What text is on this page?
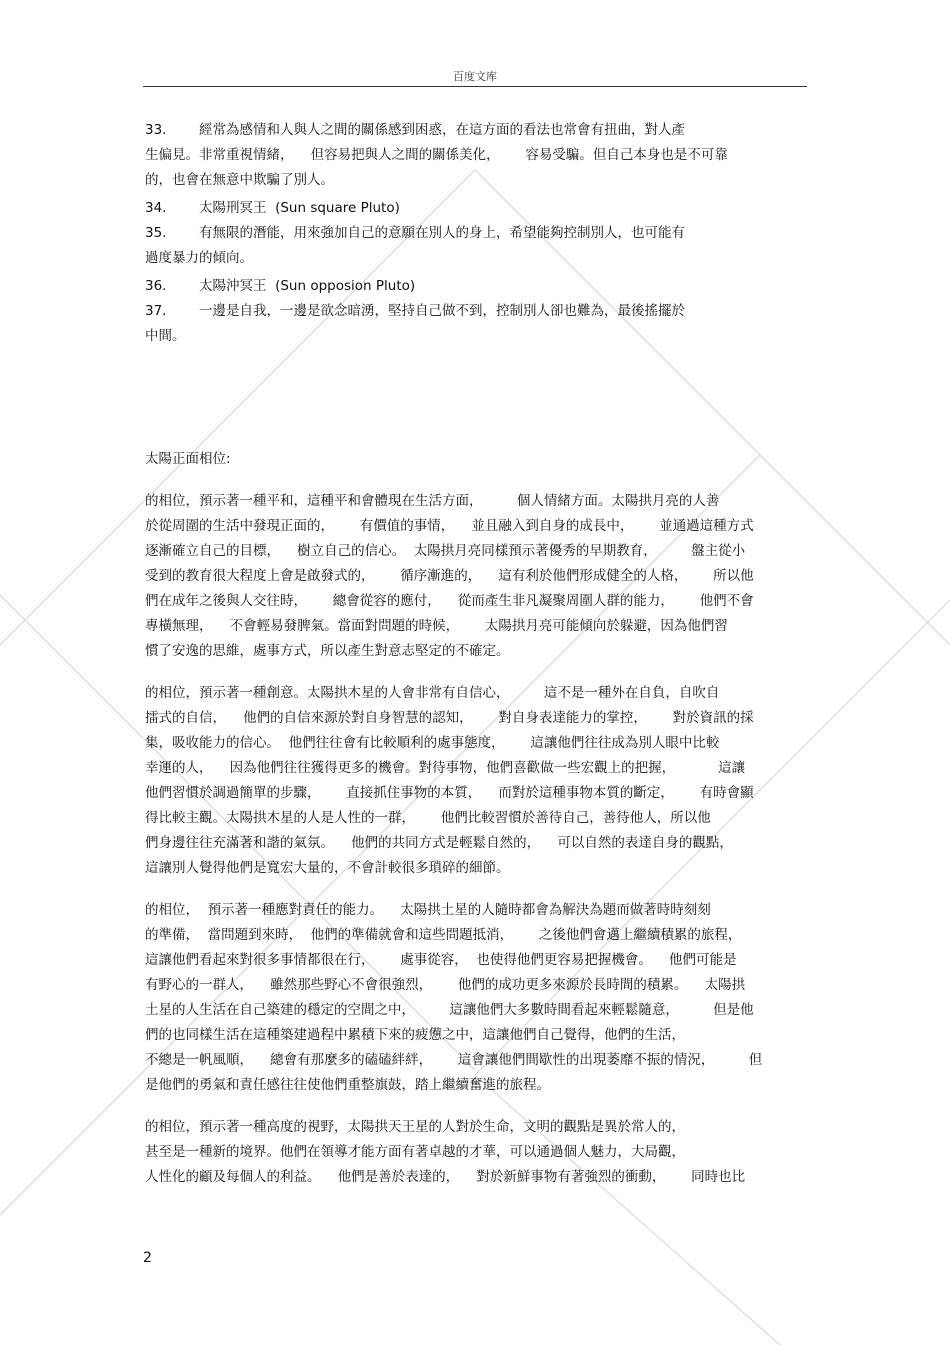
百度文库

33. 經常為感情和人與人之間的關係感到困惑，在這方面的看法也常會有扭曲，對人產

生偏見。非常重視情緒，    但容易把與人之間的關係美化，      容易受騙。但自己本身也是不可靠

的，也會在無意中欺騙了別人。

34. 太陽刑冥王  (Sun square Pluto)

35. 有無限的潛能，用來強加自己的意願在別人的身上，希望能夠控制別人，也可能有

過度暴力的傾向。

36. 太陽沖冥王  (Sun opposion Pluto)

37. 一邊是自我，一邊是欲念暗湧，堅持自己做不到，控制別人卻也難為，最後搖擺於

中間。

太陽正面相位:

的相位，預示著一種平和，這種平和會體現在生活方面，        個人情緒方面。太陽拱月亮的人善

於從周圍的生活中發現正面的，      有價值的事情，    並且融入到自身的成長中，      並通過這種方式

逐漸確立自己的目標，    樹立自己的信心。  太陽拱月亮同樣預示著優秀的早期教育，        盤主從小

受到的教育很大程度上會是啟發式的，      循序漸進的，    這有利於他們形成健全的人格，      所以他

們在成年之後與人交往時，      總會從容的應付，    從而產生非凡凝聚周圍人群的能力，      他們不會

專橫無理，    不會輕易發脾氣。當面對問題的時候，      太陽拱月亮可能傾向於躲避，因為他們習

慣了安逸的思維，處事方式，所以產生對意志堅定的不確定。

的相位，預示著一種創意。太陽拱木星的人會非常有自信心，        這不是一種外在自負，自吹自

擂式的自信，    他們的自信來源於對自身智慧的認知，      對自身表達能力的掌控，      對於資訊的採

集，吸收能力的信心。  他們往往會有比較順利的處事態度，      這讓他們往往成為別人眼中比較

幸運的人，    因為他們往往獲得更多的機會。對待事物，他們喜歡做一些宏觀上的把握，          這讓

他們習慣於調過簡單的步驟，      直接抓住事物的本質，    而對於這種事物本質的斷定，      有時會顯

得比較主觀。太陽拱木星的人是人性的一群，      他們比較習慣於善待自己，善待他人，所以他

們身邊往往充滿著和諧的氣氛。    他們的共同方式是輕鬆自然的，    可以自然的表達自身的觀點，

這讓別人覺得他們是寬宏大量的，不會計較很多瑣碎的細節。

的相位，  預示著一種應對責任的能力。    太陽拱土星的人隨時都會為解決為題而做著時時刻刻

的準備，  當問題到來時，  他們的準備就會和這些問題抵消，      之後他們會邁上繼續積累的旅程，

這讓他們看起來對很多事情都很在行，      處事從容，  也使得他們更容易把握機會。    他們可能是

有野心的一群人，    雖然那些野心不會很強烈，      他們的成功更多來源於長時間的積累。    太陽拱

土星的人生活在自己築建的穩定的空間之中，        這讓他們大多數時間看起來輕鬆隨意，        但是他

們的也同樣生活在這種築建過程中累積下來的疲憊之中，這讓他們自己覺得，他們的生活，

不總是一帆風順，    總會有那麼多的磕磕絆絆，      這會讓他們間歇性的出現萎靡不振的情況，        但

是他們的勇氣和責任感往往使他們重整旗鼓，踏上繼續奮進的旅程。

的相位，預示著一種高度的視野，太陽拱天王星的人對於生命，文明的觀點是異於常人的，

甚至是一種新的境界。他們在領導才能方面有著卓越的才華，可以通過個人魅力，大局觀，

人性化的顧及每個人的利益。    他們是善於表達的，    對於新鮮事物有著強烈的衝動，      同時也比

2
